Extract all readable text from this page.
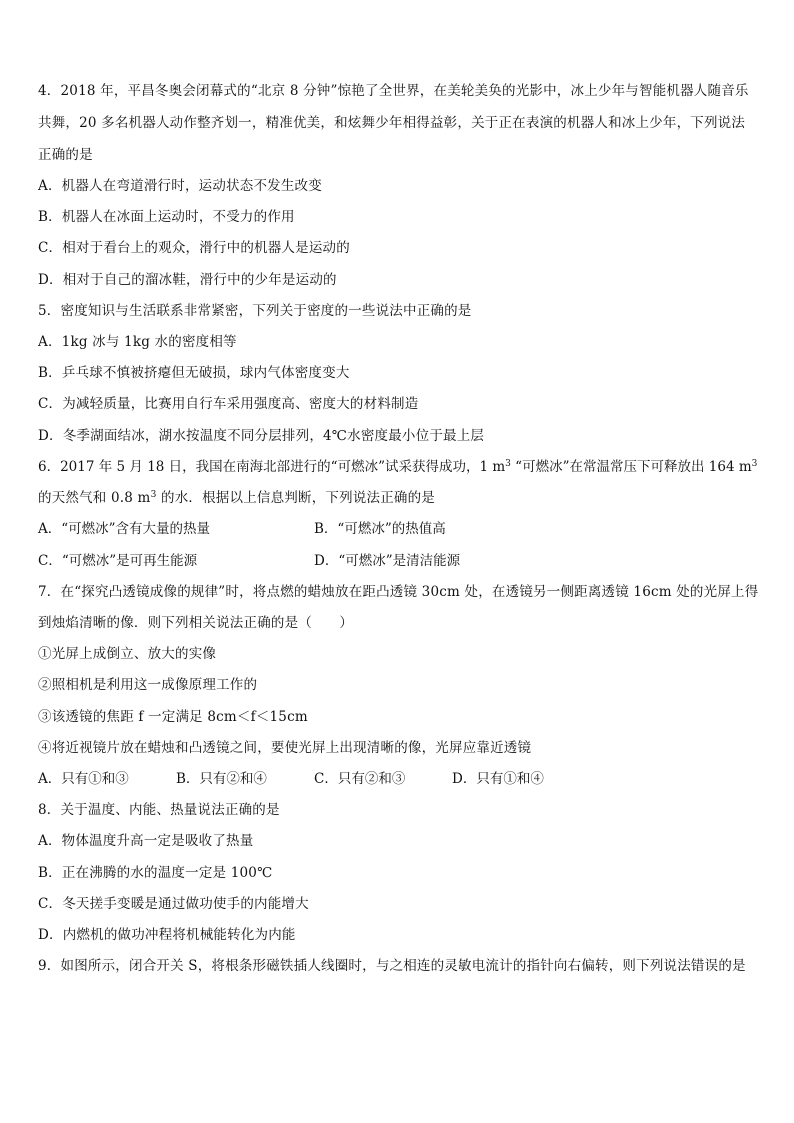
4．2018 年，平昌冬奥会闭幕式的“北京 8 分钟”惊艳了全世界，在美轮美奂的光影中，冰上少年与智能机器人随音乐
共舞，20 多名机器人动作整齐划一，精准优美，和炫舞少年相得益彰，关于正在表演的机器人和冰上少年，下列说法
正确的是
A．机器人在弯道滑行时，运动状态不发生改变
B．机器人在冰面上运动时，不受力的作用
C．相对于看台上的观众，滑行中的机器人是运动的
D．相对于自己的溜冰鞋，滑行中的少年是运动的
5．密度知识与生活联系非常紧密，下列关于密度的一些说法中正确的是
A．1kg 冰与 1kg 水的密度相等
B．乒乓球不慎被挤瘪但无破损，球内气体密度变大
C．为减轻质量，比赛用自行车采用强度高、密度大的材料制造
D．冬季湖面结冰，湖水按温度不同分层排列，4℃水密度最小位于最上层
6．2017 年 5 月 18 日，我国在南海北部进行的“可燃冰”试采获得成功，1 $m^3$ “可燃冰”在常温常压下可释放出 164 $m^3$
的天然气和 0.8 $m^3$ 的水．根据以上信息判断，下列说法正确的是
A．“可燃冰”含有大量的热量	B．“可燃冰”的热值高
C．“可燃冰”是可再生能源	D．“可燃冰”是清洁能源
7．在“探究凸透镜成像的规律”时，将点燃的蜡烛放在距凸透镜 30cm 处，在透镜另一侧距离透镜 16cm 处的光屏上得
到烛焰清晰的像．则下列相关说法正确的是（　　）
①光屏上成倒立、放大的实像
②照相机是利用这一成像原理工作的
③该透镜的焦距 f 一定满足 8cm＜f＜15cm
④将近视镜片放在蜡烛和凸透镜之间，要使光屏上出现清晰的像，光屏应靠近透镜
A．只有①和③	B．只有②和④	C．只有②和③	D．只有①和④
8．关于温度、内能、热量说法正确的是
A．物体温度升高一定是吸收了热量
B．正在沸腾的水的温度一定是 100℃
C．冬天搓手变暖是通过做功使手的内能增大
D．内燃机的做功冲程将机械能转化为内能
9．如图所示，闭合开关 S，将根条形磁铁插人线圈时，与之相连的灵敏电流计的指针向右偏转，则下列说法错误的是
